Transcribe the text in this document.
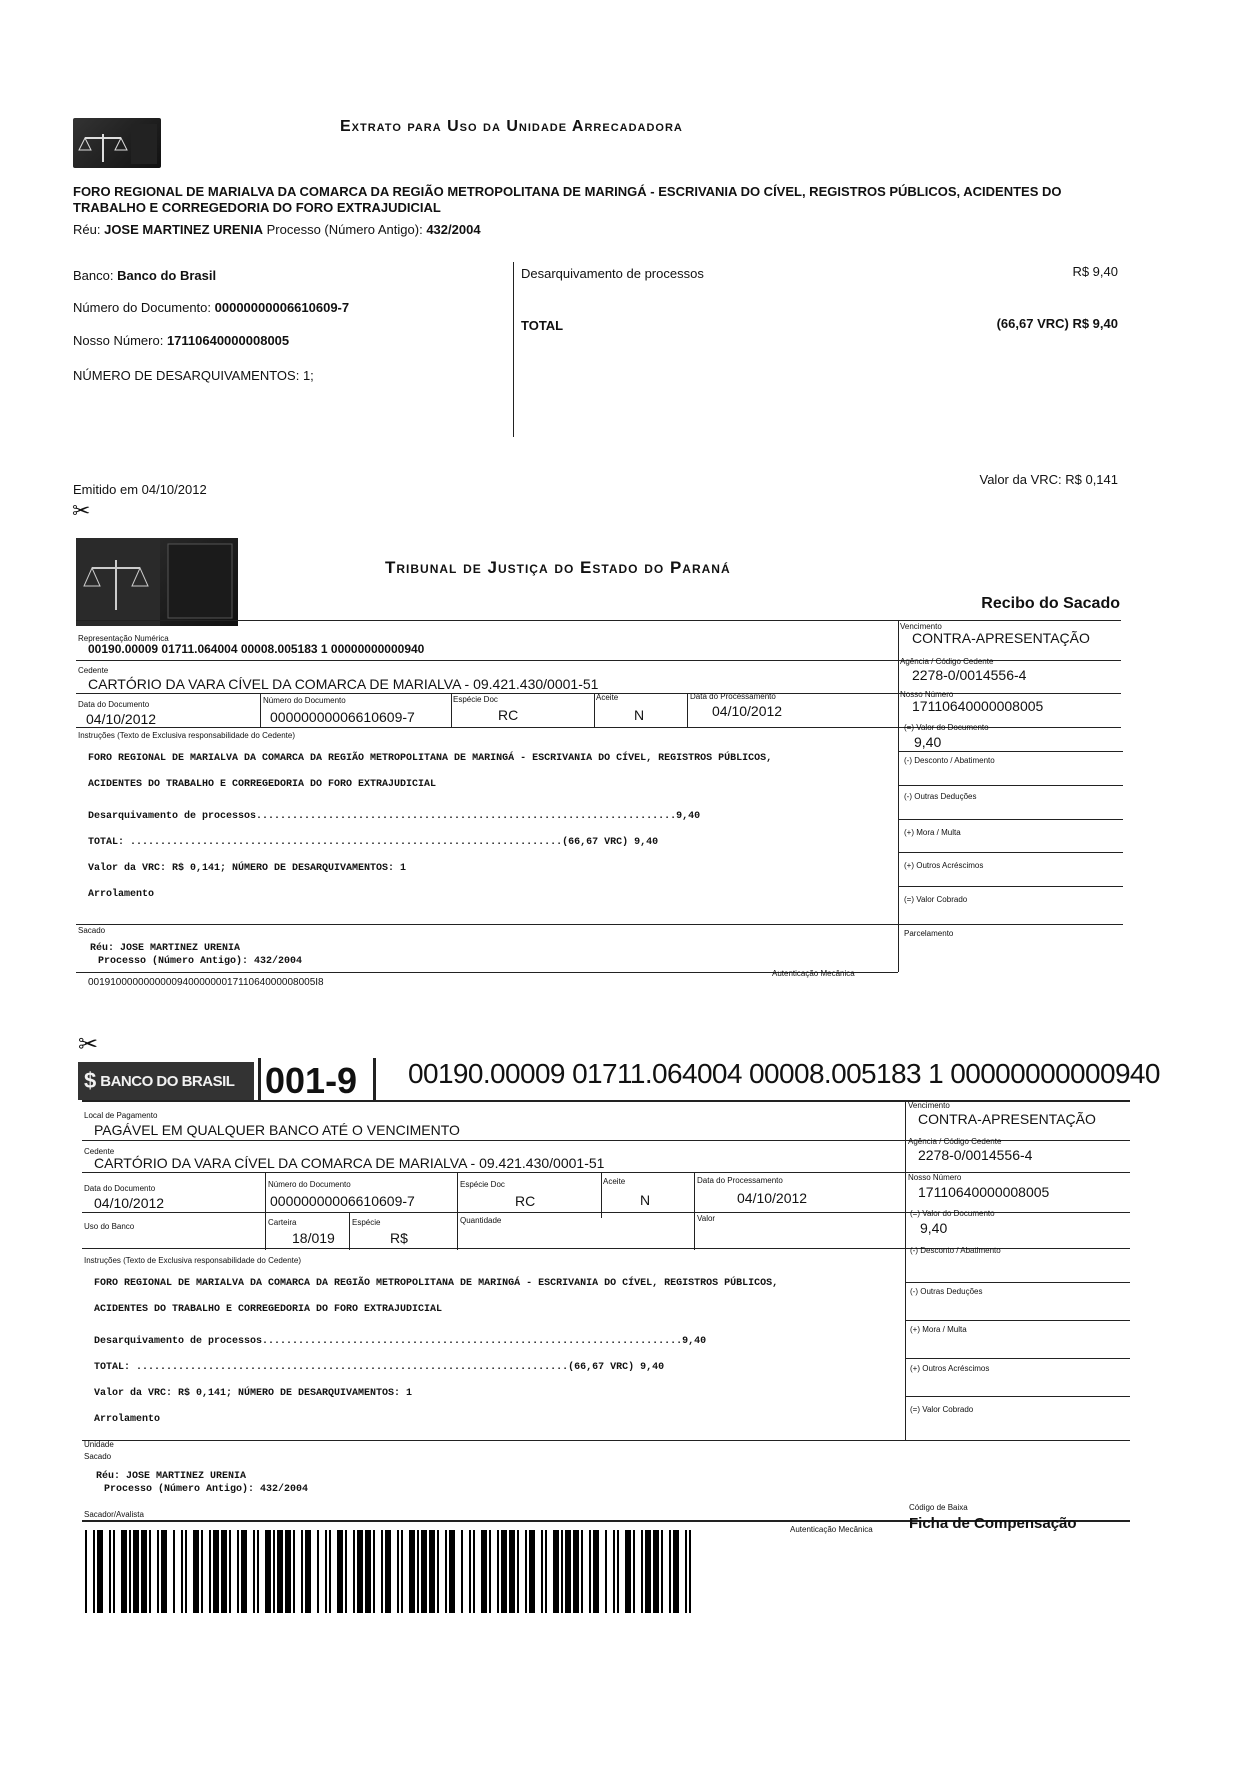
Extrato para Uso da Unidade Arrecadadora
FORO REGIONAL DE MARIALVA DA COMARCA DA REGIÃO METROPOLITANA DE MARINGÁ - ESCRIVANIA DO CÍVEL, REGISTROS PÚBLICOS, ACIDENTES DO TRABALHO E CORREGEDORIA DO FORO EXTRAJUDICIAL
Réu: JOSE MARTINEZ URENIA Processo (Número Antigo): 432/2004
Banco: Banco do Brasil
Número do Documento: 00000000006610609-7
Nosso Número: 17110640000008005
NÚMERO DE DESARQUIVAMENTOS: 1;
Desarquivamento de processos	R$ 9,40
TOTAL	(66,67 VRC) R$ 9,40
Emitido em 04/10/2012
Valor da VRC: R$ 0,141
✂
Tribunal de Justiça do Estado do Paraná
Recibo do Sacado
Representação Numérica
00190.00009 01711.064004 00008.005183 1 00000000000940
Vencimento
CONTRA-APRESENTAÇÃO
Cedente
CARTÓRIO DA VARA CÍVEL DA COMARCA DE MARIALVA - 09.421.430/0001-51
Agência / Código Cedente
2278-0/0014556-4
Data do Documento
04/10/2012
Número do Documento
00000000006610609-7
Espécie Doc
RC
Aceite
N
Data do Processamento
04/10/2012
Nosso Número
17110640000008005
Instruções (Texto de Exclusiva responsabilidade do Cedente)

FORO REGIONAL DE MARIALVA DA COMARCA DA REGIÃO METROPOLITANA DE MARINGÁ - ESCRIVANIA DO CÍVEL, REGISTROS PÚBLICOS,

ACIDENTES DO TRABALHO E CORREGEDORIA DO FORO EXTRAJUDICIAL

Desarquivamento de processos......................................................................9,40

TOTAL: ........................................................................(66,67 VRC) 9,40

Valor da VRC: R$ 0,141; NÚMERO DE DESARQUIVAMENTOS: 1

Arrolamento

(=) Valor do Documento
9,40
(-) Desconto / Abatimento
(-) Outras Deduções
(+) Mora / Multa
(+) Outros Acréscimos
(=) Valor Cobrado
Parcelamento
Sacado
Réu: JOSE MARTINEZ URENIA
Processo (Número Antigo): 432/2004
00191000000000009400000001711064000008005I8
Autenticação Mecânica
✂
$ BANCO DO BRASIL 001-9 00190.00009 01711.064004 00008.005183 1 00000000000940
Local de Pagamento
PAGÁVEL EM QUALQUER BANCO ATÉ O VENCIMENTO
Vencimento
CONTRA-APRESENTAÇÃO
Cedente
CARTÓRIO DA VARA CÍVEL DA COMARCA DE MARIALVA - 09.421.430/0001-51
Agência / Código Cedente
2278-0/0014556-4
Data do Documento
04/10/2012
Número do Documento
00000000006610609-7
Espécie Doc
RC
Aceite
N
Data do Processamento
04/10/2012
Nosso Número
17110640000008005
Uso do Banco	Carteira
18/019
Espécie
R$
Quantidade	Valor
(=) Valor do Documento
9,40
(-) Desconto / Abatimento
(-) Outras Deduções
(+) Mora / Multa
(+) Outros Acréscimos
(=) Valor Cobrado
Instruções (Texto de Exclusiva responsabilidade do Cedente)

FORO REGIONAL DE MARIALVA DA COMARCA DA REGIÃO METROPOLITANA DE MARINGÁ - ESCRIVANIA DO CÍVEL, REGISTROS PÚBLICOS,

ACIDENTES DO TRABALHO E CORREGEDORIA DO FORO EXTRAJUDICIAL

Desarquivamento de processos......................................................................9,40

TOTAL: ........................................................................(66,67 VRC) 9,40

Valor da VRC: R$ 0,141; NÚMERO DE DESARQUIVAMENTOS: 1

Arrolamento

Unidade
Sacado
Réu: JOSE MARTINEZ URENIA
Processo (Número Antigo): 432/2004
Sacador/Avalista
Autenticação Mecânica
Código de Baixa
Ficha de Compensação
